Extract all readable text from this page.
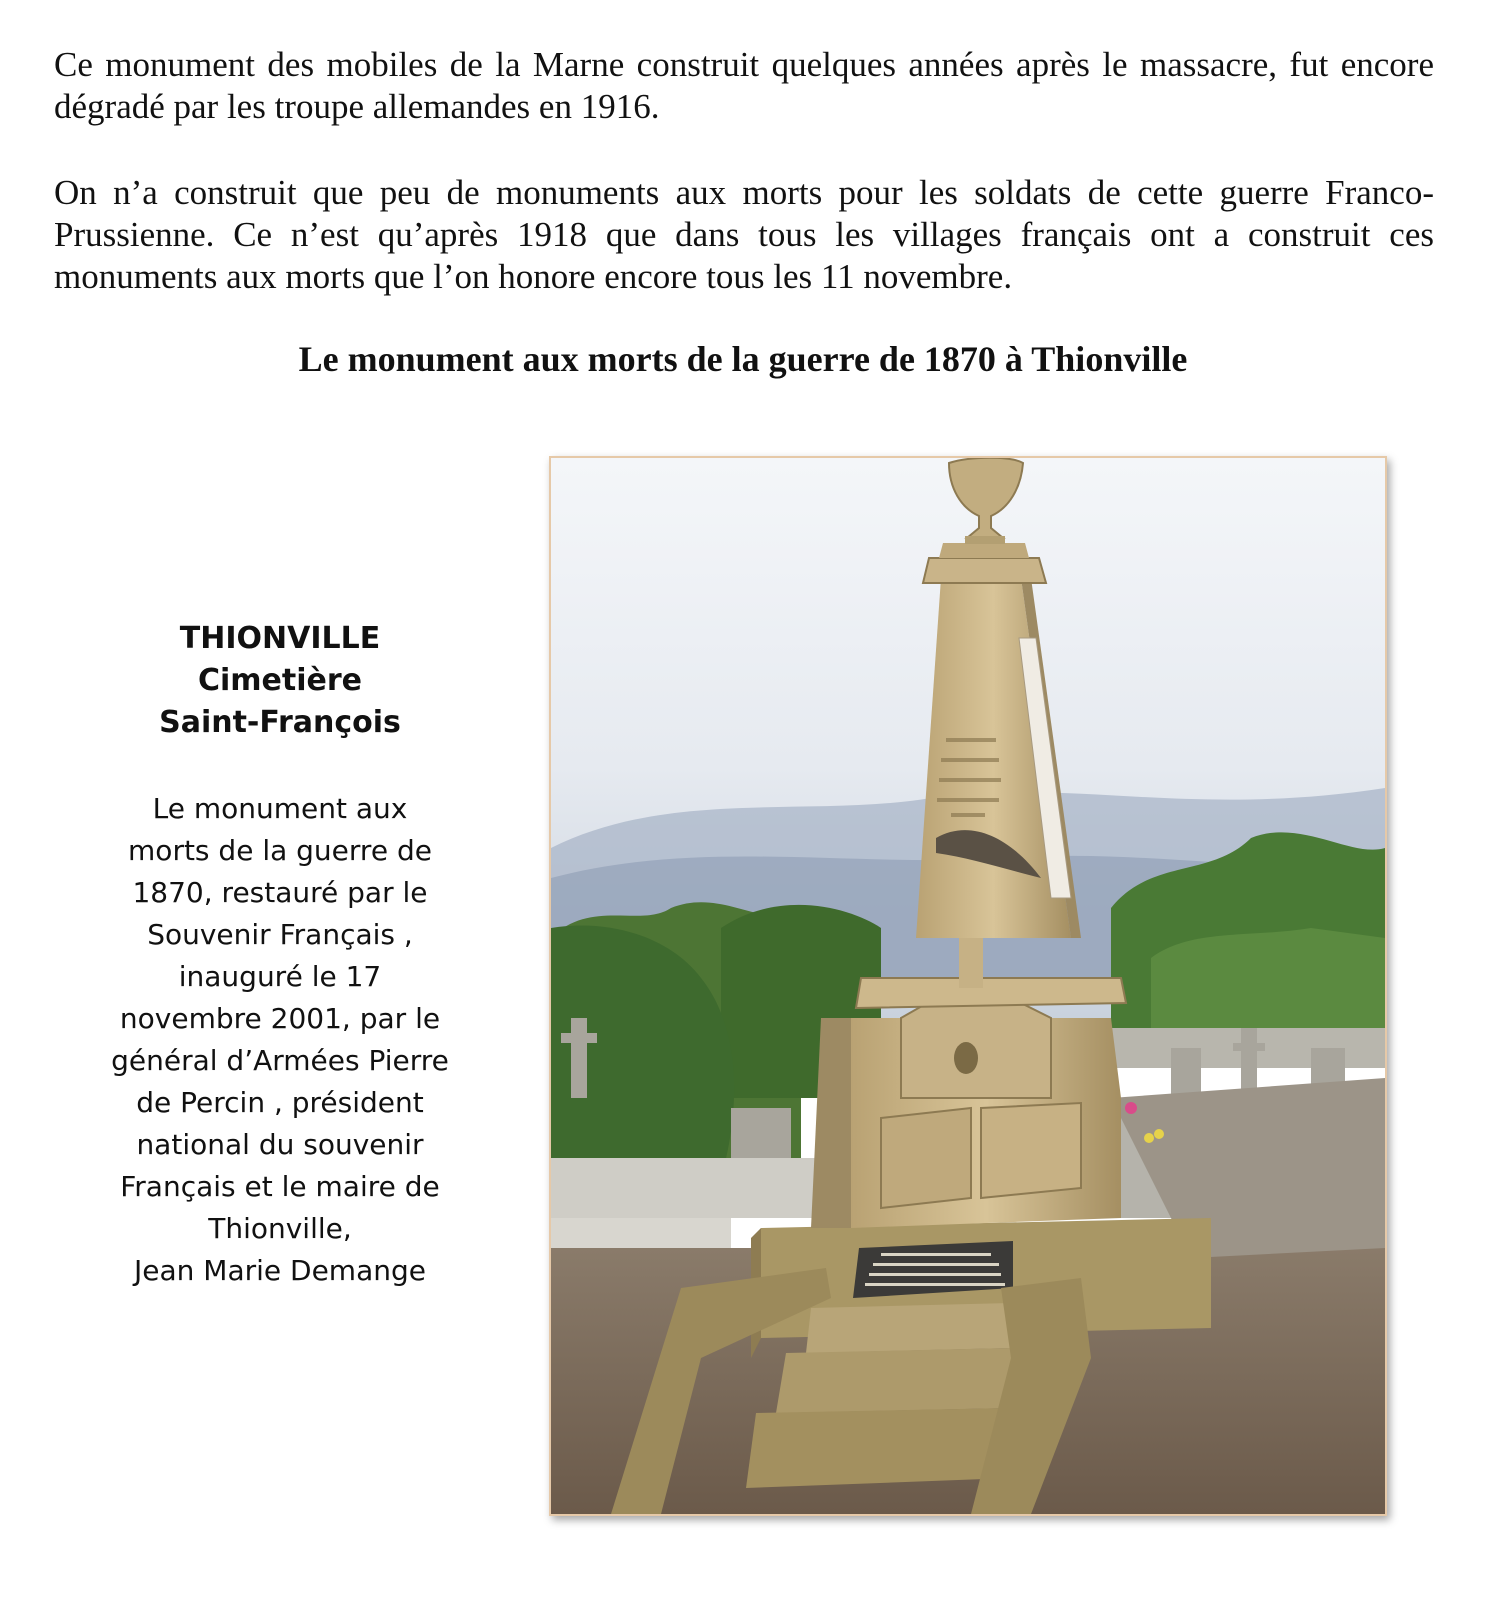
Ce monument des mobiles de la Marne construit quelques années après le massacre, fut encore dégradé par les troupe allemandes en 1916.

On n’a construit que peu de monuments aux morts pour les soldats de cette guerre Franco-Prussienne. Ce n’est qu’après 1918 que dans tous les villages français ont a construit ces monuments aux morts que l’on honore encore tous les 11 novembre.

Le monument aux morts de la guerre de 1870 à Thionville

THIONVILLE
Cimetière
Saint-François

Le monument aux
morts de la guerre de
1870, restauré par le
Souvenir Français ,
inauguré le 17
novembre 2001, par le
général d’Armées Pierre
de Percin , président
national du souvenir
Français et le maire de
Thionville,
Jean Marie Demange
